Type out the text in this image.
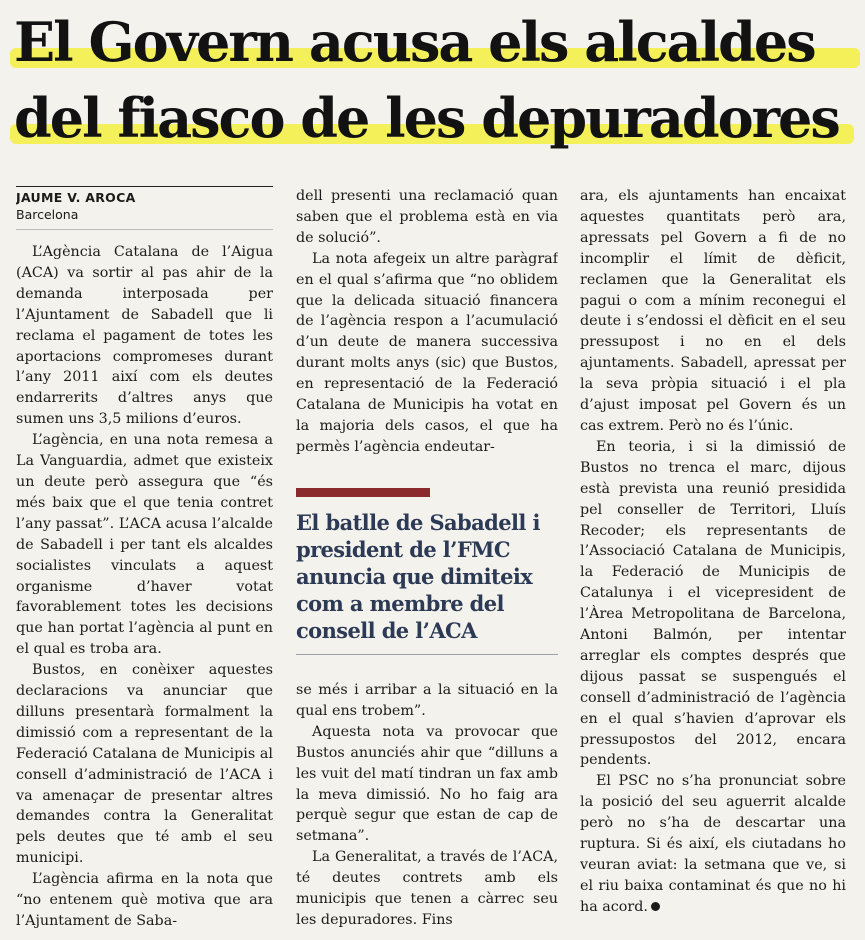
El Govern acusa els alcaldes
del fiasco de les depuradores
JAUME V. AROCA
Barcelona

L’Agència Catalana de l’Aigua (ACA) va sortir al pas ahir de la demanda interposada per l’Ajuntament de Sabadell que li reclama el pagament de totes les aportacions compromeses durant l’any 2011 així com els deutes endarrerits d’altres anys que sumen uns 3,5 milions d’euros.

L’agència, en una nota remesa a La Vanguardia, admet que existeix un deute però assegura que “és més baix que el que tenia contret l’any passat”. L’ACA acusa l’alcalde de Sabadell i per tant els alcaldes socialistes vinculats a aquest organisme d’haver votat favorablement totes les decisions que han portat l’agència al punt en el qual es troba ara.

Bustos, en conèixer aquestes declaracions va anunciar que dilluns presentarà formalment la dimissió com a representant de la Federació Catalana de Municipis al consell d’administració de l’ACA i va amenaçar de presentar altres demandes contra la Generalitat pels deutes que té amb el seu municipi.

L’agència afirma en la nota que “no entenem què motiva que ara l’Ajuntament de Saba-

dell presenti una reclamació quan saben que el problema està en via de solució”.

La nota afegeix un altre paràgraf en el qual s’afirma que “no oblidem que la delicada situació financera de l’agència respon a l’acumulació d’un deute de manera successiva durant molts anys (sic) que Bustos, en representació de la Federació Catalana de Municipis ha votat en la majoria dels casos, el que ha permès l’agència endeutar-

El batlle de Sabadell i president de l’FMC anuncia que dimiteix com a membre del consell de l’ACA

se més i arribar a la situació en la qual ens trobem”.

Aquesta nota va provocar que Bustos anunciés ahir que “dilluns a les vuit del matí tindran un fax amb la meva dimissió. No ho faig ara perquè segur que estan de cap de setmana”.

La Generalitat, a través de l’ACA, té deutes contrets amb els municipis que tenen a càrrec seu les depuradores. Fins

ara, els ajuntaments han encaixat aquestes quantitats però ara, apressats pel Govern a fi de no incomplir el límit de dèficit, reclamen que la Generalitat els pagui o com a mínim reconegui el deute i s’endossi el dèficit en el seu pressupost i no en el dels ajuntaments. Sabadell, apressat per la seva pròpia situació i el pla d’ajust imposat pel Govern és un cas extrem. Però no és l’únic.

En teoria, i si la dimissió de Bustos no trenca el marc, dijous està prevista una reunió presidida pel conseller de Territori, Lluís Recoder; els representants de l’Associació Catalana de Municipis, la Federació de Municipis de Catalunya i el vicepresident de l’Àrea Metropolitana de Barcelona, Antoni Balmón, per intentar arreglar els comptes després que dijous passat se suspengués el consell d’administració de l’agència en el qual s’havien d’aprovar els pressupostos del 2012, encara pendents.

El PSC no s’ha pronunciat sobre la posició del seu aguerrit alcalde però no s’ha de descartar una ruptura. Si és així, els ciutadans ho veuran aviat: la setmana que ve, si el riu baixa contaminat és que no hi ha acord.
